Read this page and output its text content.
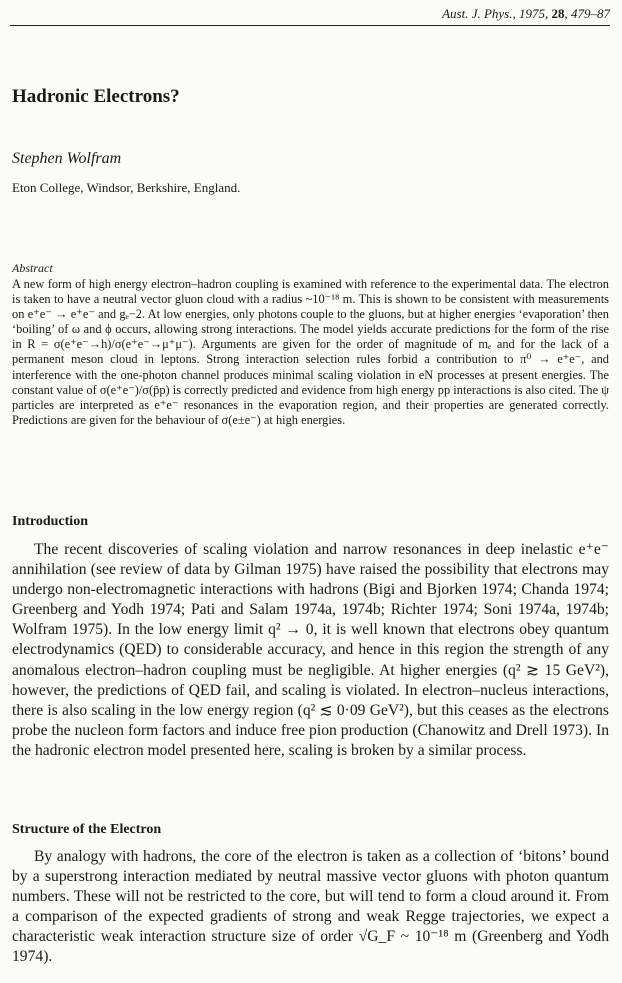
Aust. J. Phys., 1975, 28, 479–87
Hadronic Electrons?
Stephen Wolfram
Eton College, Windsor, Berkshire, England.
Abstract

A new form of high energy electron–hadron coupling is examined with reference to the experimental data. The electron is taken to have a neutral vector gluon cloud with a radius ~10⁻¹⁸ m. This is shown to be consistent with measurements on e⁺e⁻ → e⁺e⁻ and gₑ−2. At low energies, only photons couple to the gluons, but at higher energies ‘evaporation’ then ‘boiling’ of ω and ϕ occurs, allowing strong interactions. The model yields accurate predictions for the form of the rise in R = σ(e⁺e⁻→h)/σ(e⁺e⁻→μ⁺μ⁻). Arguments are given for the order of magnitude of mₑ and for the lack of a permanent meson cloud in leptons. Strong interaction selection rules forbid a contribution to π⁰ → e⁺e⁻, and interference with the one-photon channel produces minimal scaling violation in eN processes at present energies. The constant value of σ(e⁺e⁻)/σ(p̄p) is correctly predicted and evidence from high energy pp interactions is also cited. The ψ particles are interpreted as e⁺e⁻ resonances in the evaporation region, and their properties are generated correctly. Predictions are given for the behaviour of σ(e±e⁻) at high energies.

Introduction

The recent discoveries of scaling violation and narrow resonances in deep inelastic e⁺e⁻ annihilation (see review of data by Gilman 1975) have raised the possibility that electrons may undergo non-electromagnetic interactions with hadrons (Bigi and Bjorken 1974; Chanda 1974; Greenberg and Yodh 1974; Pati and Salam 1974a, 1974b; Richter 1974; Soni 1974a, 1974b; Wolfram 1975). In the low energy limit q² → 0, it is well known that electrons obey quantum electrodynamics (QED) to considerable accuracy, and hence in this region the strength of any anomalous electron–hadron coupling must be negligible. At higher energies (q² ≳ 15 GeV²), however, the predictions of QED fail, and scaling is violated. In electron–nucleus interactions, there is also scaling in the low energy region (q² ≲ 0·09 GeV²), but this ceases as the electrons probe the nucleon form factors and induce free pion production (Chanowitz and Drell 1973). In the hadronic electron model presented here, scaling is broken by a similar process.

Structure of the Electron

By analogy with hadrons, the core of the electron is taken as a collection of ‘bitons’ bound by a superstrong interaction mediated by neutral massive vector gluons with photon quantum numbers. These will not be restricted to the core, but will tend to form a cloud around it. From a comparison of the expected gradients of strong and weak Regge trajectories, we expect a characteristic weak interaction structure size of order √G_F ~ 10⁻¹⁸ m (Greenberg and Yodh 1974).
